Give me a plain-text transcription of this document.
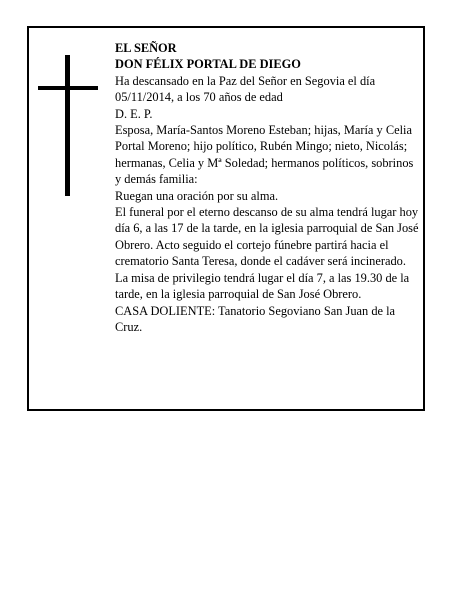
EL SEÑOR

DON FÉLIX PORTAL DE DIEGO

Ha descansado en la Paz del Señor en Segovia el día 05/11/2014, a los 70 años de edad

D. E. P.

Esposa, María-Santos Moreno Esteban; hijas, María y Celia Portal Moreno; hijo político, Rubén Mingo; nieto, Nicolás; hermanas, Celia y Mª Soledad; hermanos políticos, sobrinos y demás familia:

Ruegan una oración por su alma.

El funeral por el eterno descanso de su alma tendrá lugar hoy día 6, a las 17 de la tarde, en la iglesia parroquial de San José Obrero. Acto seguido el cortejo fúnebre partirá hacia el crematorio Santa Teresa, donde el cadáver será incinerado. La misa de privilegio tendrá lugar el día 7, a las 19.30 de la tarde, en la iglesia parroquial de San José Obrero.

CASA DOLIENTE: Tanatorio Segoviano San Juan de la Cruz.
